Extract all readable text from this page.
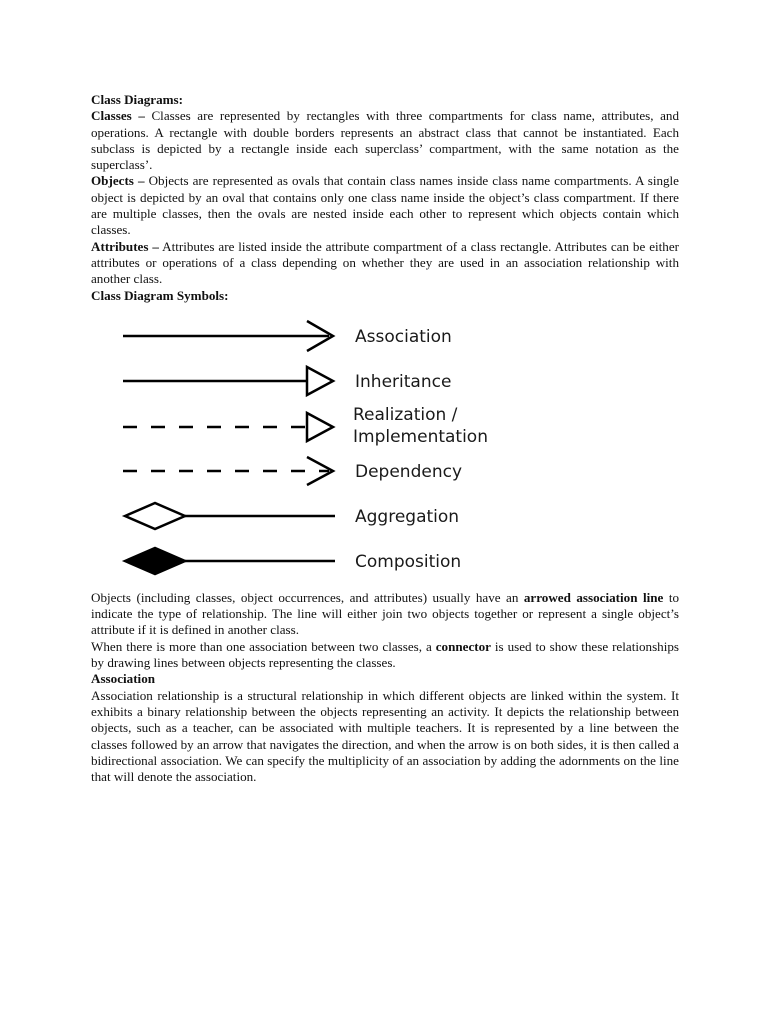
Class Diagrams:

Classes – Classes are represented by rectangles with three compartments for class name, attributes, and operations. A rectangle with double borders represents an abstract class that cannot be instantiated. Each subclass is depicted by a rectangle inside each superclass’ compartment, with the same notation as the superclass’.

Objects – Objects are represented as ovals that contain class names inside class name compartments. A single object is depicted by an oval that contains only one class name inside the object’s class compartment. If there are multiple classes, then the ovals are nested inside each other to represent which objects contain which classes.

Attributes – Attributes are listed inside the attribute compartment of a class rectangle. Attributes can be either attributes or operations of a class depending on whether they are used in an association relationship with another class.

Class Diagram Symbols:

Association
Inheritance
Realization /
Implementation
Dependency
Aggregation
Composition

Objects (including classes, object occurrences, and attributes) usually have an arrowed association line to indicate the type of relationship. The line will either join two objects together or represent a single object’s attribute if it is defined in another class.

When there is more than one association between two classes, a connector is used to show these relationships by drawing lines between objects representing the classes.

Association

Association relationship is a structural relationship in which different objects are linked within the system. It exhibits a binary relationship between the objects representing an activity. It depicts the relationship between objects, such as a teacher, can be associated with multiple teachers. It is represented by a line between the classes followed by an arrow that navigates the direction, and when the arrow is on both sides, it is then called a bidirectional association. We can specify the multiplicity of an association by adding the adornments on the line that will denote the association.
